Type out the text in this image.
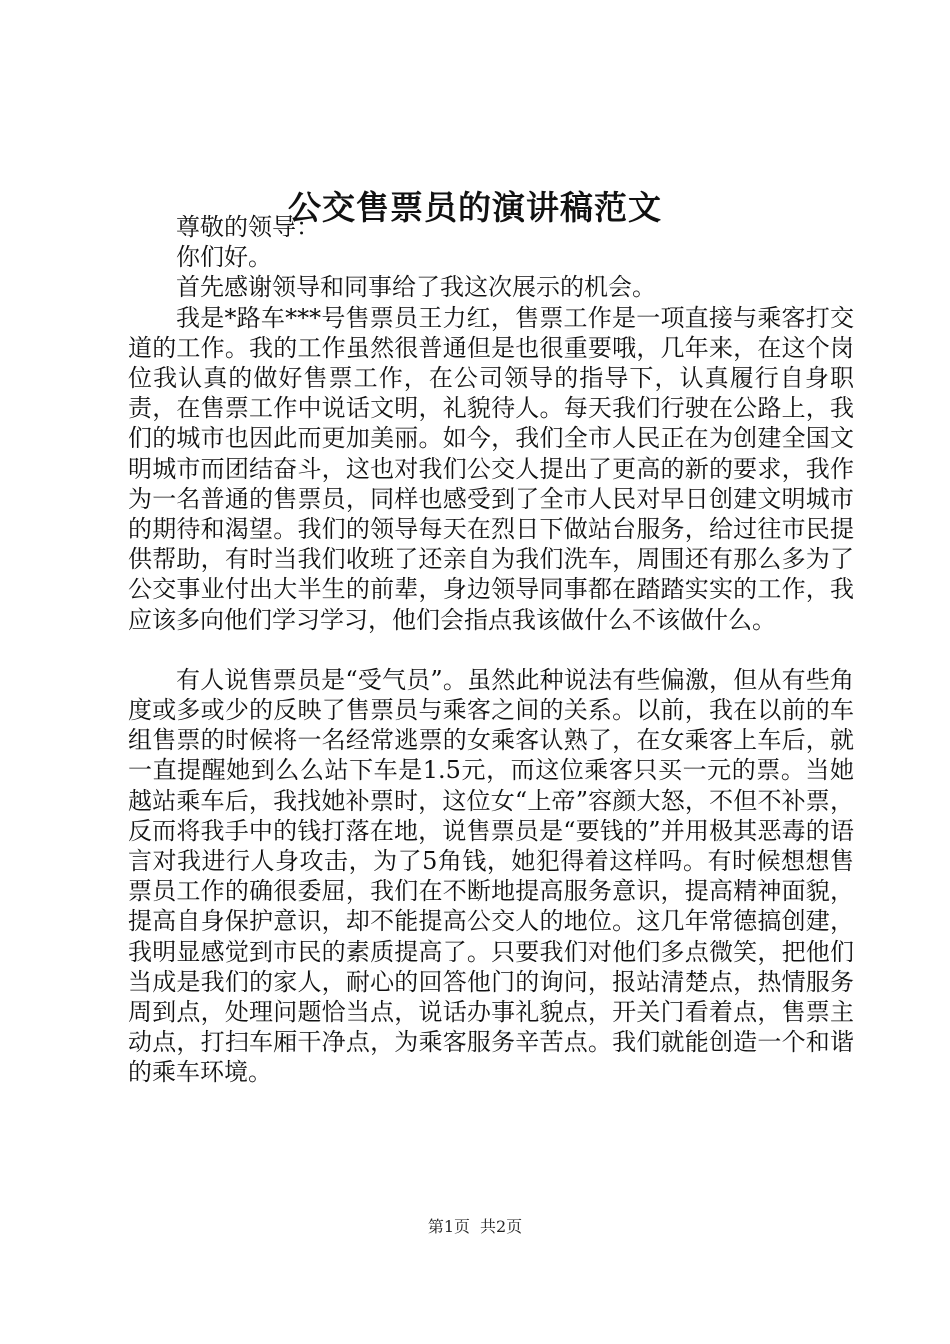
公交售票员的演讲稿范文

尊敬的领导：

你们好。

首先感谢领导和同事给了我这次展示的机会。

我是*路车***号售票员王力红，售票工作是一项直接与乘客打交道的工作。我的工作虽然很普通但是也很重要哦，几年来，在这个岗位我认真的做好售票工作，在公司领导的指导下，认真履行自身职责，在售票工作中说话文明，礼貌待人。每天我们行驶在公路上，我们的城市也因此而更加美丽。如今，我们全市人民正在为创建全国文明城市而团结奋斗，这也对我们公交人提出了更高的新的要求，我作为一名普通的售票员，同样也感受到了全市人民对早日创建文明城市的期待和渴望。我们的领导每天在烈日下做站台服务，给过往市民提供帮助，有时当我们收班了还亲自为我们洗车，周围还有那么多为了公交事业付出大半生的前辈，身边领导同事都在踏踏实实的工作，我应该多向他们学习学习，他们会指点我该做什么不该做什么。

有人说售票员是“受气员”。虽然此种说法有些偏激，但从有些角度或多或少的反映了售票员与乘客之间的关系。以前，我在以前的车组售票的时候将一名经常逃票的女乘客认熟了，在女乘客上车后，就一直提醒她到么么站下车是1.5元，而这位乘客只买一元的票。当她越站乘车后，我找她补票时，这位女“上帝”容颜大怒，不但不补票，反而将我手中的钱打落在地，说售票员是“要钱的”并用极其恶毒的语言对我进行人身攻击，为了5角钱，她犯得着这样吗。有时候想想售票员工作的确很委屈，我们在不断地提高服务意识，提高精神面貌，提高自身保护意识，却不能提高公交人的地位。这几年常德搞创建，我明显感觉到市民的素质提高了。只要我们对他们多点微笑，把他们当成是我们的家人，耐心的回答他门的询问，报站清楚点，热情服务周到点，处理问题恰当点，说话办事礼貌点，开关门看着点，售票主动点，打扫车厢干净点，为乘客服务辛苦点。我们就能创造一个和谐的乘车环境。

第1页 共2页
